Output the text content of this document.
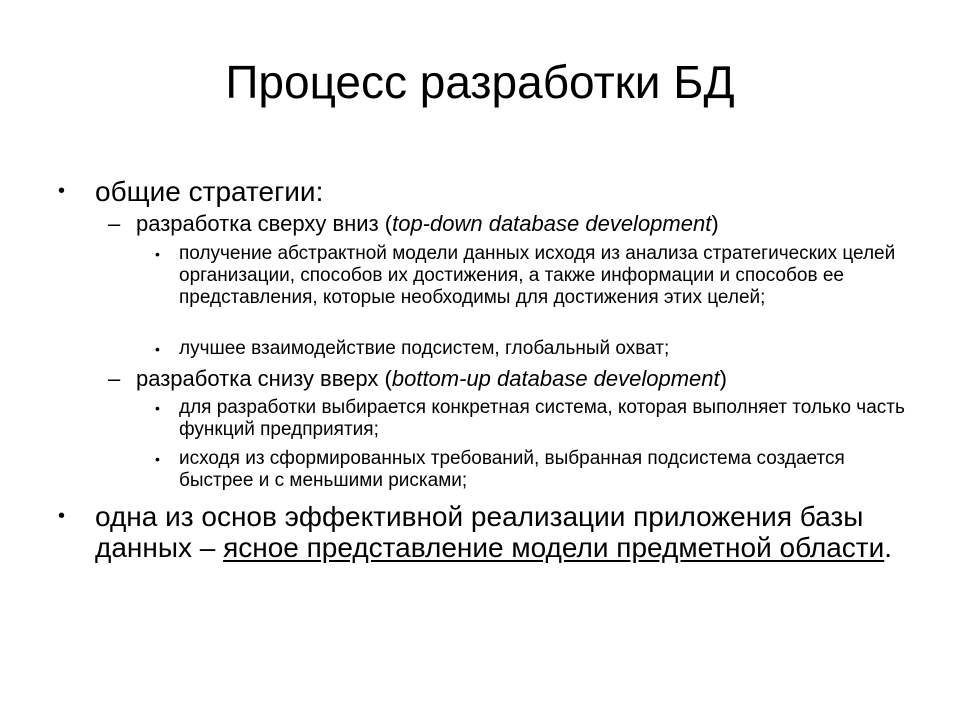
Процесс разработки БД
• общие стратегии:
– разработка сверху вниз (top-down database development)
• получение абстрактной модели данных исходя из анализа стратегических целей организации, способов их достижения, а также информации и способов ее представления, которые необходимы для достижения этих целей;
• лучшее взаимодействие подсистем, глобальный охват;
– разработка снизу вверх (bottom-up database development)
• для разработки выбирается конкретная система, которая выполняет только часть функций предприятия;
• исходя из сформированных требований, выбранная подсистема создается быстрее и с меньшими рисками;
• одна из основ эффективной реализации приложения базы данных – ясное представление модели предметной области.
